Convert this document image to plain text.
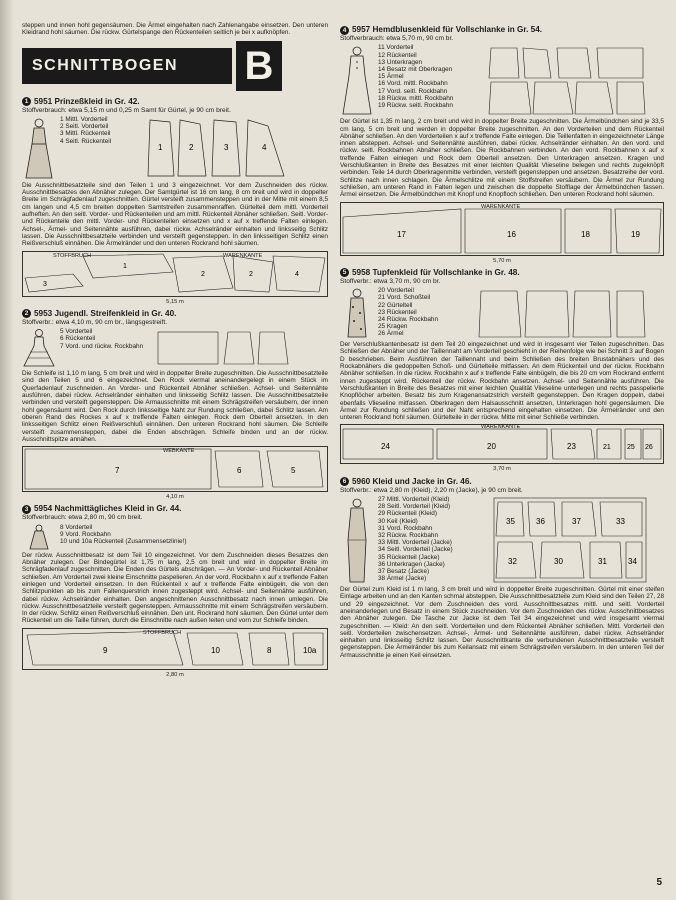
steppen und innen hohl gegensäumen. Die Ärmel eingehalten nach Zahlenangabe einsetzen. Den unteren Kleidrand hohl säumen. Die rückw. Gürtelspange den Rückenteilen seitlich je bei x aufknöpfen.

SCHNITTBOGEN	B
1 5951 Prinzeßkleid in Gr. 42.

Stoffverbrauch: etwa 5,15 m und 0,25 m Samt für Gürtel, je 90 cm breit.

1 Mittl. Vorderteil
2 Seitl. Vorderteil
3 Mittl. Rückenteil
4 Seitl. Rückenteil
1	2	3	4

Die Ausschnittbesatzteile sind den Teilen 1 und 3 eingezeichnet. Vor dem Zuschneiden des rückw. Ausschnittbesatzes den Abnäher zulegen. Der Samtgürtel ist 16 cm lang, 8 cm breit und wird in doppelter Breite im Schrägfadenlauf zugeschnitten. Gürtel versteift zusammensteppen und in der Mitte mit einem 8,5 cm langen und 4,5 cm breiten doppelten Samtstreifen zusammenraffen. Gürtelteil dem mittl. Vorderteil aufheften. An den seitl. Vorder- und Rückenteilen und am mittl. Rückenteil Abnäher schließen. Seitl. Vorder- und Rückenteile den mittl. Vorder- und Rückenteilen einsetzen und x auf x treffende Falten einlegen. Achsel-, Ärmel- und Seitennähte ausführen, dabei rückw. Achselränder einhalten und linksseitig Schlitz lassen. Die Ausschnittbesatzteile verbinden und versteift gegensteppen. In den linksseitigen Schlitz einen Reißverschluß einnähen. Die Ärmelränder und den unteren Rockrand hohl säumen.

3
1
2	2	4
STOFFBRUCH	WARENKANTE
5,15 m
2 5953 Jugendl. Streifenkleid in Gr. 40.

Stoffverbr.: etwa 4,10 m, 90 cm br., längsgestreift.

5 Vorderteil
6 Rückenteil
7 Vord. und rückw. Rockbahn

Die Schleife ist 1,10 m lang, 5 cm breit und wird in doppelter Breite zugeschnitten. Die Ausschnittbesatzteile sind den Teilen 5 und 6 eingezeichnet. Den Rock viermal aneinandergelegt in einem Stück im Querfadenlauf zuschneiden. An Vorder- und Rückenteil Abnäher schließen. Achsel- und Seitennähte ausführen, dabei rückw. Achselränder einhalten und linksseitig Schlitz lassen. Die Ausschnittbesatzteile verbinden und versteift gegensteppen. Die Armausschnitte mit einem Schrägstreifen versäubern, der innen hohl gegensäumt wird. Den Rock durch linksseitige Naht zur Rundung schließen, dabei Schlitz lassen. Am oberen Rand des Rockes x auf x treffende Falten einlegen. Rock dem Oberteil ansetzen. In den linksseitigen Schlitz einen Reißverschluß einnähen. Den unteren Rockrand hohl säumen. Die Schleife versteift zusammensteppen, dabei die Enden abschrägen. Schleife binden und an der rückw. Ausschnittspitze annähen.

7	6	5
WEBKANTE
4,10 m
3 5954 Nachmittägliches Kleid in Gr. 44.

Stoffverbrauch: etwa 2,80 m, 90 cm breit.

8 Vorderteil
9 Vord. Rockbahn
10 und 10a Rückenteil (Zusammensetzlinie!)

Der rückw. Ausschnittbesatz ist dem Teil 10 eingezeichnet. Vor dem Zuschneiden dieses Besatzes den Abnäher zulegen. Der Bindegürtel ist 1,75 m lang, 2,5 cm breit und wird in doppelter Breite im Schrägfadenlauf zugeschnitten. Die Enden des Gürtels abschrägen. — An Vorder- und Rückenteil Abnäher schließen. Am Vorderteil zwei kleine Einschnitte paspelieren. An der vord. Rockbahn x auf x treffende Falten einlegen und Vorderteil einsetzen. In den Rückenteil x auf x treffende Falte einbügeln, die von den Schlitzpunkten ab bis zum Faltenquerstrich innen zugesteppt wird. Achsel- und Seitennähte ausführen, dabei rückw. Achselränder einhalten. Den angeschnittenen Ausschnittbesatz nach innen umlegen. Die rückw. Ausschnittbesatzteile versteift gegensteppen. Armausschnitte mit einem Schrägstreifen versäubern. In der rückw. Schlitz einen Reißverschluß einnähen. Den unt. Rockrand hohl säumen. Den Gürtel unter dem Rückenteil um die Taille führen, durch die Einschnitte nach außen leiten und vorn zur Schleife binden.

9	10	8	10a
STOFFBRUCH
2,80 m
4 5957 Hemdblusenkleid für Vollschlanke in Gr. 54.

Stoffverbrauch: etwa 5,70 m, 90 cm br.

11 Vorderteil
12 Rückenteil
13 Unterkragen
14 Besatz mit Oberkragen
15 Ärmel
16 Vord. mittl. Rockbahn
17 Vord. seitl. Rockbahn
18 Rückw. mittl. Rockbahn
19 Rückw. seitl. Rockbahn

Der Gürtel ist 1,35 m lang, 2 cm breit und wird in doppelter Breite zugeschnitten. Die Ärmelbündchen sind je 33,5 cm lang, 5 cm breit und werden in doppelter Breite zugeschnitten. An den Vorderteilen und dem Rückenteil Abnäher schließen. An den Vorderteilen x auf x treffende Falte einlegen. Die Teillenfalten in eingezeichneter Länge innen absteppen. Achsel- und Seitennähte ausführen, dabei rückw. Achselränder einhalten. An den vord. und rückw. seitl. Rockbahnen Abnäher schließen. Die Rockbahnen verbinden. An den vord. Rockbahnen x auf x treffende Falten einlegen und Rock dem Oberteil ansetzen. Den Unterkragen ansetzen. Kragen und Verschlußkanten in Breite des Besatzes mit einer leichten Qualität Vlieseline belegen und rechts zugeknöpft verbinden. Teile 14 durch Oberkragenmitte verbinden, versteift gegensteppen und ansetzen. Besatzreihe der vord. Schlitze nach innen schlagen. Die Ärmelschlitze mit einem Stoffstreifen versäubern. Die Ärmel zur Rundung schließen, am unteren Rand in Falten legen und zwischen die doppelte Stofflage der Ärmelbündchen fassen. Ärmel einsetzen. Die Ärmelbündchen mit Knopf und Knopfloch schließen. Den unteren Rockrand hohl säumen.

17	16	18	19
WARENKANTE
5,70 m
5 5958 Tupfenkleid für Vollschlanke in Gr. 48.

Stoffverbr.: etwa 3,70 m, 90 cm br.

20 Vorderteil
21 Vord. Schoßteil
22 Gürteltell
23 Rückenteil
24 Rückw. Rockbahn
25 Kragen
26 Ärmel

Der Verschlußkantenbesatz ist dem Teil 20 eingezeichnet und wird in insgesamt vier Teilen zugeschnitten. Das Schließen der Abnäher und der Taillennaht am Vorderteil geschieht in der Reihenfolge wie bei Schnitt 3 auf Bogen D beschrieben. Beim Ausführen der Taillennaht und beim Schließen des breiten Brustabnähers und des Rockabnähers die gedoppelten Schoß- und Gürtelteile mitfassen. An dem Rückenteil und der rückw. Rockbahn Abnäher schließen. In die rückw. Rockbahn x auf x treffende Falte einbügeln, die bis 20 cm vom Rockrand entfernt innen zugesteppt wird. Rückenteil der rückw. Rockbahn ansetzen. Achsel- und Seitennähte ausführen. Die Verschlußkanten in Breite des Besatzes mit einer leichten Qualität Vlieseline unterlegen und rechts passpelierte Knopflöcher arbeiten. Besatz bis zum Kragenansatzstrich versteift gegensteppen. Den Kragen doppeln, dabei ebenfalls Vlieseline mitfassen. Oberkragen dem Halsausschnitt ansetzen, Unterkragen hohl gegensäumen. Die Ärmel zur Rundung schließen und der Naht entsprechend eingehalten einsetzen. Die Ärmelränder und den unteren Rockrand hohl säumen. Gürtelteile in der rückw. Mitte mit einer Schließe verbinden.

24	20	23	21 25 26
WARENKANTE
3,70 m
6 5960 Kleid und Jacke in Gr. 46.

Stoffverbr.: etwa 2,80 m (Kleid), 2,20 m (Jacke), je 90 cm breit.

27 Mittl. Vorderteil (Kleid)
28 Seitl. Vorderteil (Kleid)
29 Rückenteil (Kleid)
30 Keil (Kleid)
31 Vord. Rockbahn
32 Rückw. Rockbahn
33 Mittl. Vorderteil (Jacke)
34 Seitl. Vorderteil (Jacke)
35 Rückenteil (Jacke)
36 Unterkragen (Jacke)
37 Besatz (Jacke)
38 Ärmel (Jacke)
35	36	37
32	30	31
33
34

Der Gürtel zum Kleid ist 1 m lang, 3 cm breit und wird in doppelter Breite zugeschnitten. Gürtel mit einer steifen Einlage arbeiten und an den Kanten schmal absteppen. Die Ausschnittbesatzteile zum Kleid sind den Teilen 27, 28 und 29 eingezeichnet. Vor dem Zuschneiden des vord. Ausschnittbesatzes mittl. und seitl. Vorderteil aneinanderlegen und Besatz in einem Stück zuschneiden. Vor dem Zuschneiden des rückw. Ausschnittbesatzes den Abnäher zulegen. Die Tasche zur Jacke ist dem Teil 34 eingezeichnet und wird insgesamt viermal zugeschnitten. — Kleid: An den seitl. Vorderteilen und dem Rückenteil Abnäher schließen. Mittl. Vorderteil den seitl. Vorderteilen zwischensetzen. Achsel-, Ärmel- und Seitennähte ausführen, dabei rückw. Achselränder einhalten und linksseitig Schlitz lassen. Der Ausschnittkante die verbundenen Ausschnittbesatzteile versteift gegensteppen. Die Ärmelränder bis zum Keilansatz mit einem Schrägstreifen versäubern. In den unteren Teil der Armausschnitte je einen Keil einsetzen.

5
